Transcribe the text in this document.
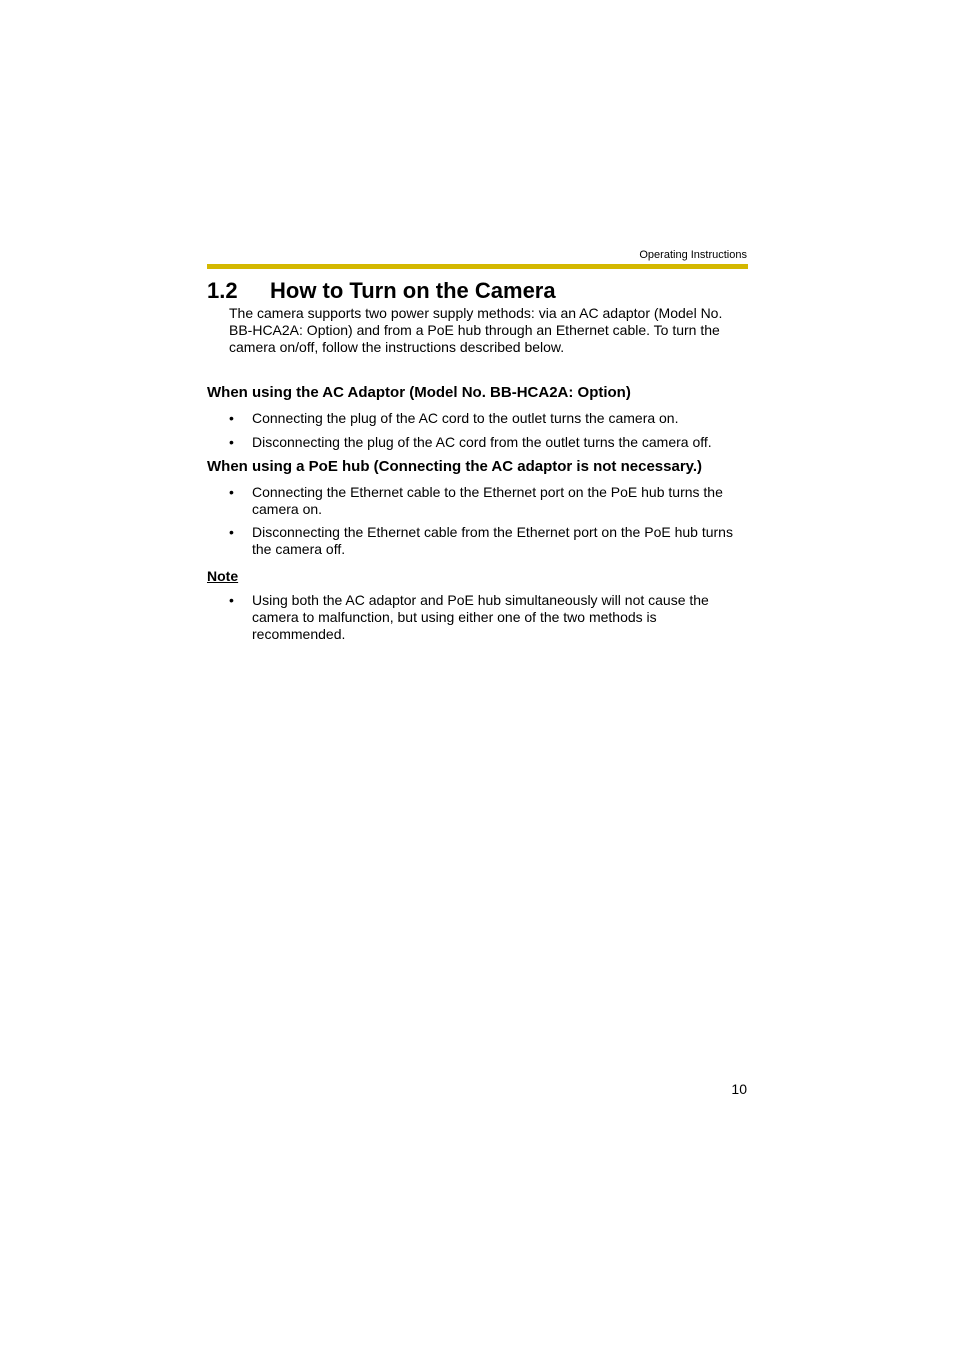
Operating Instructions
1.2 How to Turn on the Camera
The camera supports two power supply methods: via an AC adaptor (Model No. BB-HCA2A: Option) and from a PoE hub through an Ethernet cable. To turn the camera on/off, follow the instructions described below.
When using the AC Adaptor (Model No. BB-HCA2A: Option)
• Connecting the plug of the AC cord to the outlet turns the camera on.
• Disconnecting the plug of the AC cord from the outlet turns the camera off.
When using a PoE hub (Connecting the AC adaptor is not necessary.)
• Connecting the Ethernet cable to the Ethernet port on the PoE hub turns the camera on.
• Disconnecting the Ethernet cable from the Ethernet port on the PoE hub turns the camera off.
Note
• Using both the AC adaptor and PoE hub simultaneously will not cause the camera to malfunction, but using either one of the two methods is recommended.
10
